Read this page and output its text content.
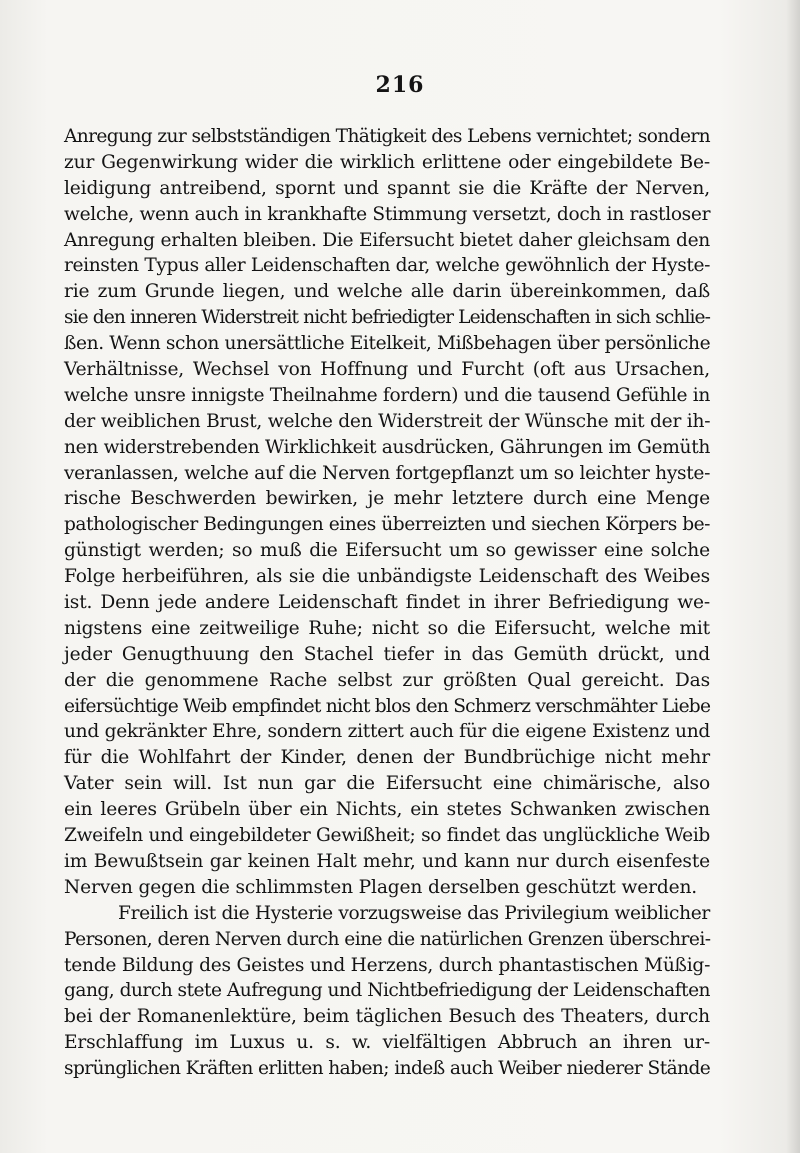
216
Anregung zur selbstständigen Thätigkeit des Lebens vernichtet; sondern
zur Gegenwirkung wider die wirklich erlittene oder eingebildete Be-
leidigung antreibend, spornt und spannt sie die Kräfte der Nerven,
welche, wenn auch in krankhafte Stimmung versetzt, doch in rastloser
Anregung erhalten bleiben. Die Eifersucht bietet daher gleichsam den
reinsten Typus aller Leidenschaften dar, welche gewöhnlich der Hyste-
rie zum Grunde liegen, und welche alle darin übereinkommen, daß
sie den inneren Widerstreit nicht befriedigter Leidenschaften in sich schlie-
ßen. Wenn schon unersättliche Eitelkeit, Mißbehagen über persönliche
Verhältnisse, Wechsel von Hoffnung und Furcht (oft aus Ursachen,
welche unsre innigste Theilnahme fordern) und die tausend Gefühle in
der weiblichen Brust, welche den Widerstreit der Wünsche mit der ih-
nen widerstrebenden Wirklichkeit ausdrücken, Gährungen im Gemüth
veranlassen, welche auf die Nerven fortgepflanzt um so leichter hyste-
rische Beschwerden bewirken, je mehr letztere durch eine Menge
pathologischer Bedingungen eines überreizten und siechen Körpers be-
günstigt werden; so muß die Eifersucht um so gewisser eine solche
Folge herbeiführen, als sie die unbändigste Leidenschaft des Weibes
ist. Denn jede andere Leidenschaft findet in ihrer Befriedigung we-
nigstens eine zeitweilige Ruhe; nicht so die Eifersucht, welche mit
jeder Genugthuung den Stachel tiefer in das Gemüth drückt, und
der die genommene Rache selbst zur größten Qual gereicht. Das
eifersüchtige Weib empfindet nicht blos den Schmerz verschmähter Liebe
und gekränkter Ehre, sondern zittert auch für die eigene Existenz und
für die Wohlfahrt der Kinder, denen der Bundbrüchige nicht mehr
Vater sein will. Ist nun gar die Eifersucht eine chimärische, also
ein leeres Grübeln über ein Nichts, ein stetes Schwanken zwischen
Zweifeln und eingebildeter Gewißheit; so findet das unglückliche Weib
im Bewußtsein gar keinen Halt mehr, und kann nur durch eisenfeste
Nerven gegen die schlimmsten Plagen derselben geschützt werden.
Freilich ist die Hysterie vorzugsweise das Privilegium weiblicher
Personen, deren Nerven durch eine die natürlichen Grenzen überschrei-
tende Bildung des Geistes und Herzens, durch phantastischen Müßig-
gang, durch stete Aufregung und Nichtbefriedigung der Leidenschaften
bei der Romanenlektüre, beim täglichen Besuch des Theaters, durch
Erschlaffung im Luxus u. s. w. vielfältigen Abbruch an ihren ur-
sprünglichen Kräften erlitten haben; indeß auch Weiber niederer Stände
